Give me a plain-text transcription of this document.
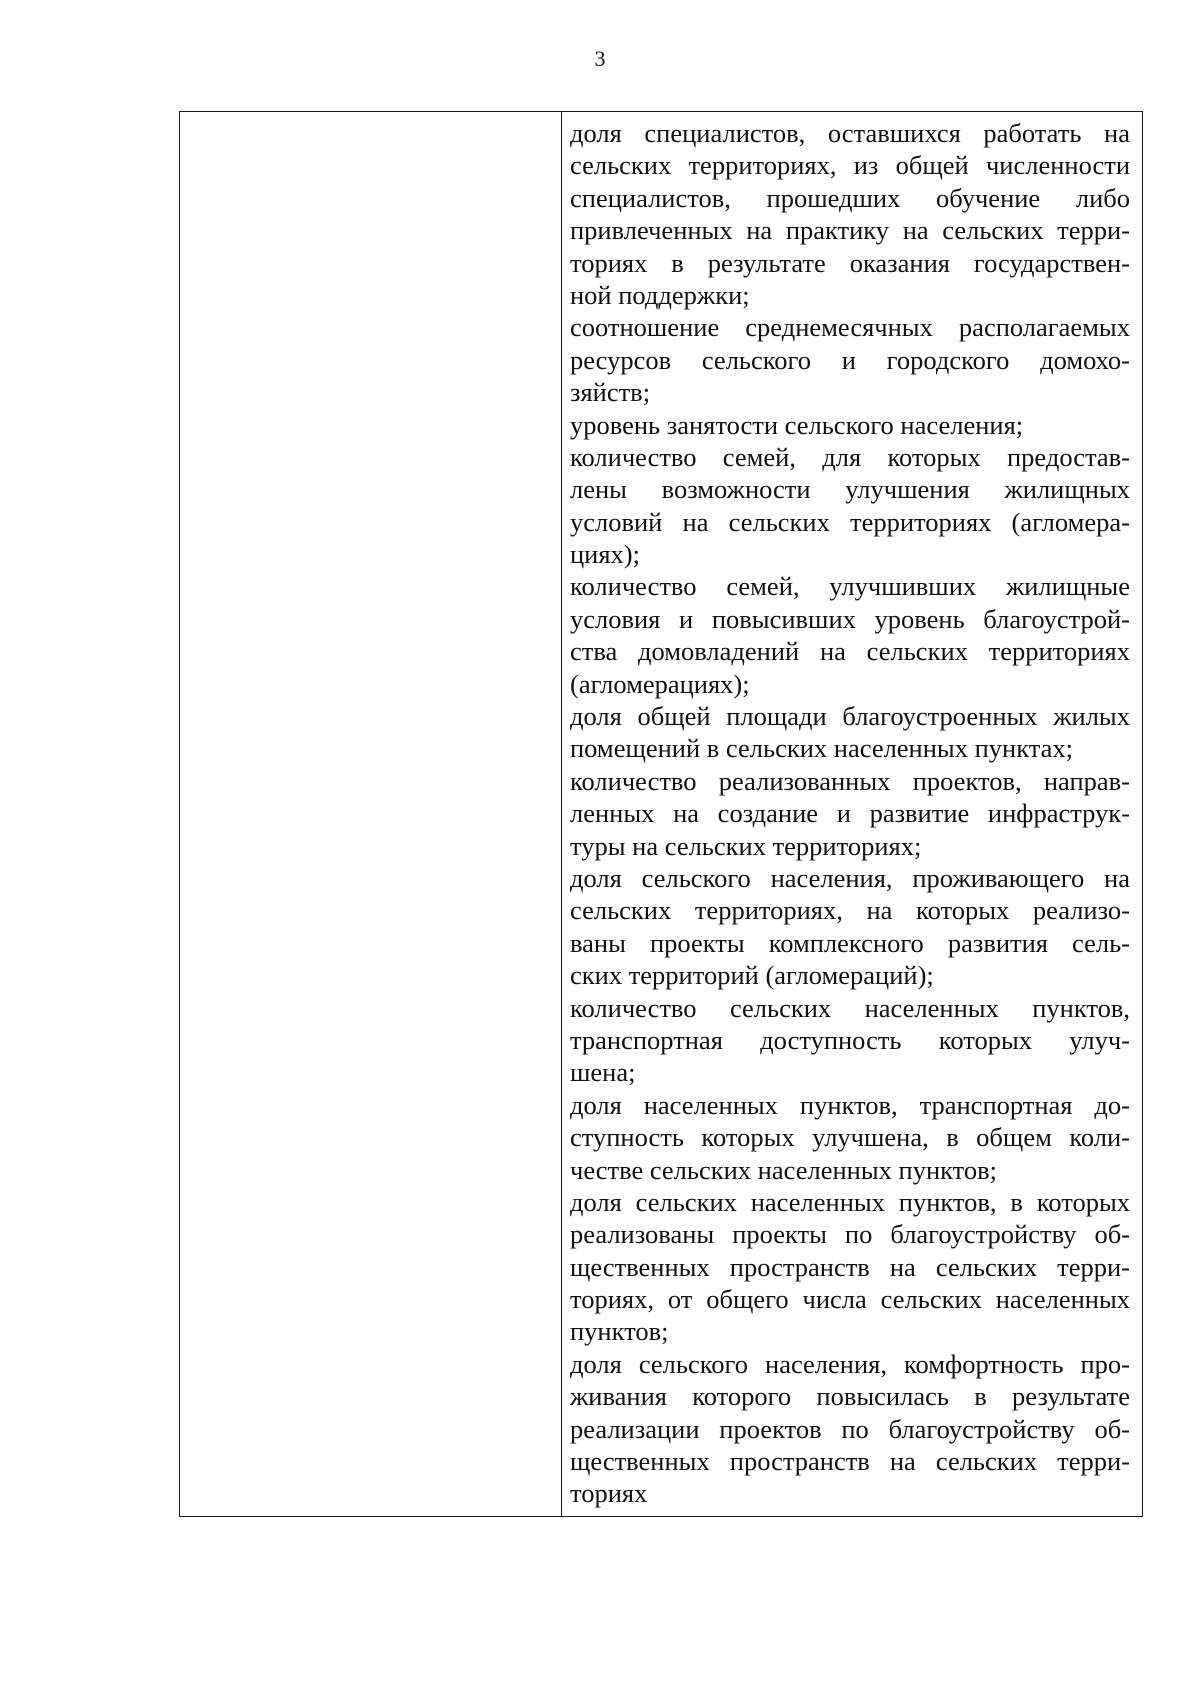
3
доля специалистов, оставшихся работать на
сельских территориях, из общей численности
специалистов, прошедших обучение либо
привлеченных на практику на сельских терри-
ториях в результате оказания государствен-
ной поддержки;
соотношение среднемесячных располагаемых
ресурсов сельского и городского домохо-
зяйств;
уровень занятости сельского населения;
количество семей, для которых предостав-
лены возможности улучшения жилищных
условий на сельских территориях (агломера-
циях);
количество семей, улучшивших жилищные
условия и повысивших уровень благоустрой-
ства домовладений на сельских территориях
(агломерациях);
доля общей площади благоустроенных жилых
помещений в сельских населенных пунктах;
количество реализованных проектов, направ-
ленных на создание и развитие инфраструк-
туры на сельских территориях;
доля сельского населения, проживающего на
сельских территориях, на которых реализо-
ваны проекты комплексного развития сель-
ских территорий (агломераций);
количество сельских населенных пунктов,
транспортная доступность которых улуч-
шена;
доля населенных пунктов, транспортная до-
ступность которых улучшена, в общем коли-
честве сельских населенных пунктов;
доля сельских населенных пунктов, в которых
реализованы проекты по благоустройству об-
щественных пространств на сельских терри-
ториях, от общего числа сельских населенных
пунктов;
доля сельского населения, комфортность про-
живания которого повысилась в результате
реализации проектов по благоустройству об-
щественных пространств на сельских терри-
ториях
